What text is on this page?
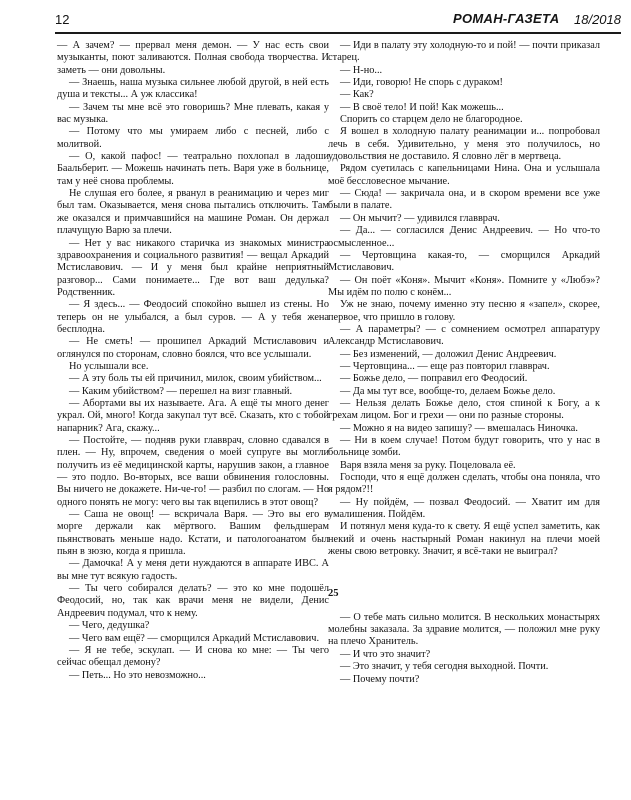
12	РОМАН-ГАЗЕТА 18/2018

— А зачем? — прервал меня демон. — У нас есть свои музыканты, поют заливаются. Полная свобода творчества. И заметь — они довольны.

— Знаешь, наша музыка сильнее любой другой, в ней есть душа и тексты... А уж классика!

— Зачем ты мне всё это говоришь? Мне плевать, какая у вас музыка.

— Потому что мы умираем либо с песней, либо с молитвой.

— О, какой пафос! — театрально похлопал в ладоши Баальберит. — Можешь начинать петь. Варя уже в больнице, там у неё снова проблемы.

Не слушая его более, я рванул в реанимацию и через миг был там. Оказывается, меня снова пытались отключить. Там же оказался и примчавшийся на машине Роман. Он держал плачущую Варю за плечи.

— Нет у вас никакого старичка из знакомых министра здравоохранения и социального развития! — вещал Аркадий Мстиславович. — И у меня был крайне неприятный разговор... Сами понимаете... Где вот ваш дедулька? Родственник.

— Я здесь... — Феодосий спокойно вышел из стены. Но теперь он не улыбался, а был суров. — А у тебя жена бесплодна.

— Не сметь! — прошипел Аркадий Мстиславович и оглянулся по сторонам, словно боялся, что все услышали.

Но услышали все.

— А эту боль ты ей причинил, милок, своим убийством...

— Каким убийством? — перешел на визг главный.

— Абортами вы их называете. Ага. А ещё ты много денег украл. Ой, много! Когда закупал тут всё. Сказать, кто с тобой напарник? Ага, скажу...

— Постойте, — подняв руки главврач, словно сдавался в плен. — Ну, впрочем, сведения о моей супруге вы могли получить из её медицинской карты, нарушив закон, а главное — это подло. Во-вторых, все ваши обвинения голословны. Вы ничего не докажете. Ни-че-го! — разбил по слогам. — Но одного понять не могу: чего вы так вцепились в этот овощ?

— Саша не овощ! — вскричала Варя. — Это вы его в морге держали как мёртвого. Вашим фельдшерам пьянствовать меньше надо. Кстати, и патологоанатом был пьян в зюзю, когда я пришла.

— Дамочка! А у меня дети нуждаются в аппарате ИВС. А вы мне тут всякую гадость.

— Ты чего собирался делать? — это ко мне подошёл Феодосий, но, так как врачи меня не видели, Денис Андреевич подумал, что к нему.

— Чего, дедушка?

— Чего вам ещё? — сморщился Аркадий Мстиславович.

— Я не тебе, эскулап. — И снова ко мне: — Ты чего сейчас обещал демону?

— Петь... Но это невозможно...

— Иди в палату эту холодную-то и пой! — почти приказал старец.

— Н-но...

— Иди, говорю! Не спорь с дураком!

— Как?

— В своё тело! И пой! Как можешь...

Спорить со старцем дело не благородное.

Я вошел в холодную палату реанимации и... попробовал лечь в себя. Удивительно, у меня это получилось, но удовольствия не доставило. Я словно лёг в мертвеца.

Рядом суетилась с капельницами Нина. Она и услышала моё бессловесное мычание.

— Сюда! — закричала она, и в скором времени все уже были в палате.

— Он мычит? — удивился главврач.

— Да... — согласился Денис Андреевич. — Но что-то осмысленное...

— Чертовщина какая-то, — сморщился Аркадий Мстиславович.

— Он поёт «Коня». Мычит «Коня». Помните у «Любэ»? Мы идём по полю с конём...

Уж не знаю, почему именно эту песню я «запел», скорее, первое, что пришло в голову.

— А параметры? — с сомнением осмотрел аппаратуру Александр Мстиславович.

— Без изменений, — доложил Денис Андреевич.

— Чертовщина... — еще раз повторил главврач.

— Божье дело, — поправил его Феодосий.

— Да мы тут все, вообще-то, делаем Божье дело.

— Нельзя делать Божье дело, стоя спиной к Богу, а к грехам лицом. Бог и грехи — они по разные стороны.

— Можно я на видео запишу? — вмешалась Ниночка.

— Ни в коем случае! Потом будут говорить, что у нас в больнице зомби.

Варя взяла меня за руку. Поцеловала её.

Господи, что я ещё должен сделать, чтобы она поняла, что я рядом?!!

— Ну пойдём, — позвал Феодосий. — Хватит им для умалишения. Пойдём.

И потянул меня куда-то к свету. Я ещё успел заметить, как некий и очень настырный Роман накинул на плечи моей жены свою ветровку. Значит, я всё-таки не выиграл?

25

— О тебе мать сильно молится. В нескольких монастырях молебны заказала. За здравие молится, — положил мне руку на плечо Хранитель.

— И что это значит?

— Это значит, у тебя сегодня выходной. Почти.

— Почему почти?
